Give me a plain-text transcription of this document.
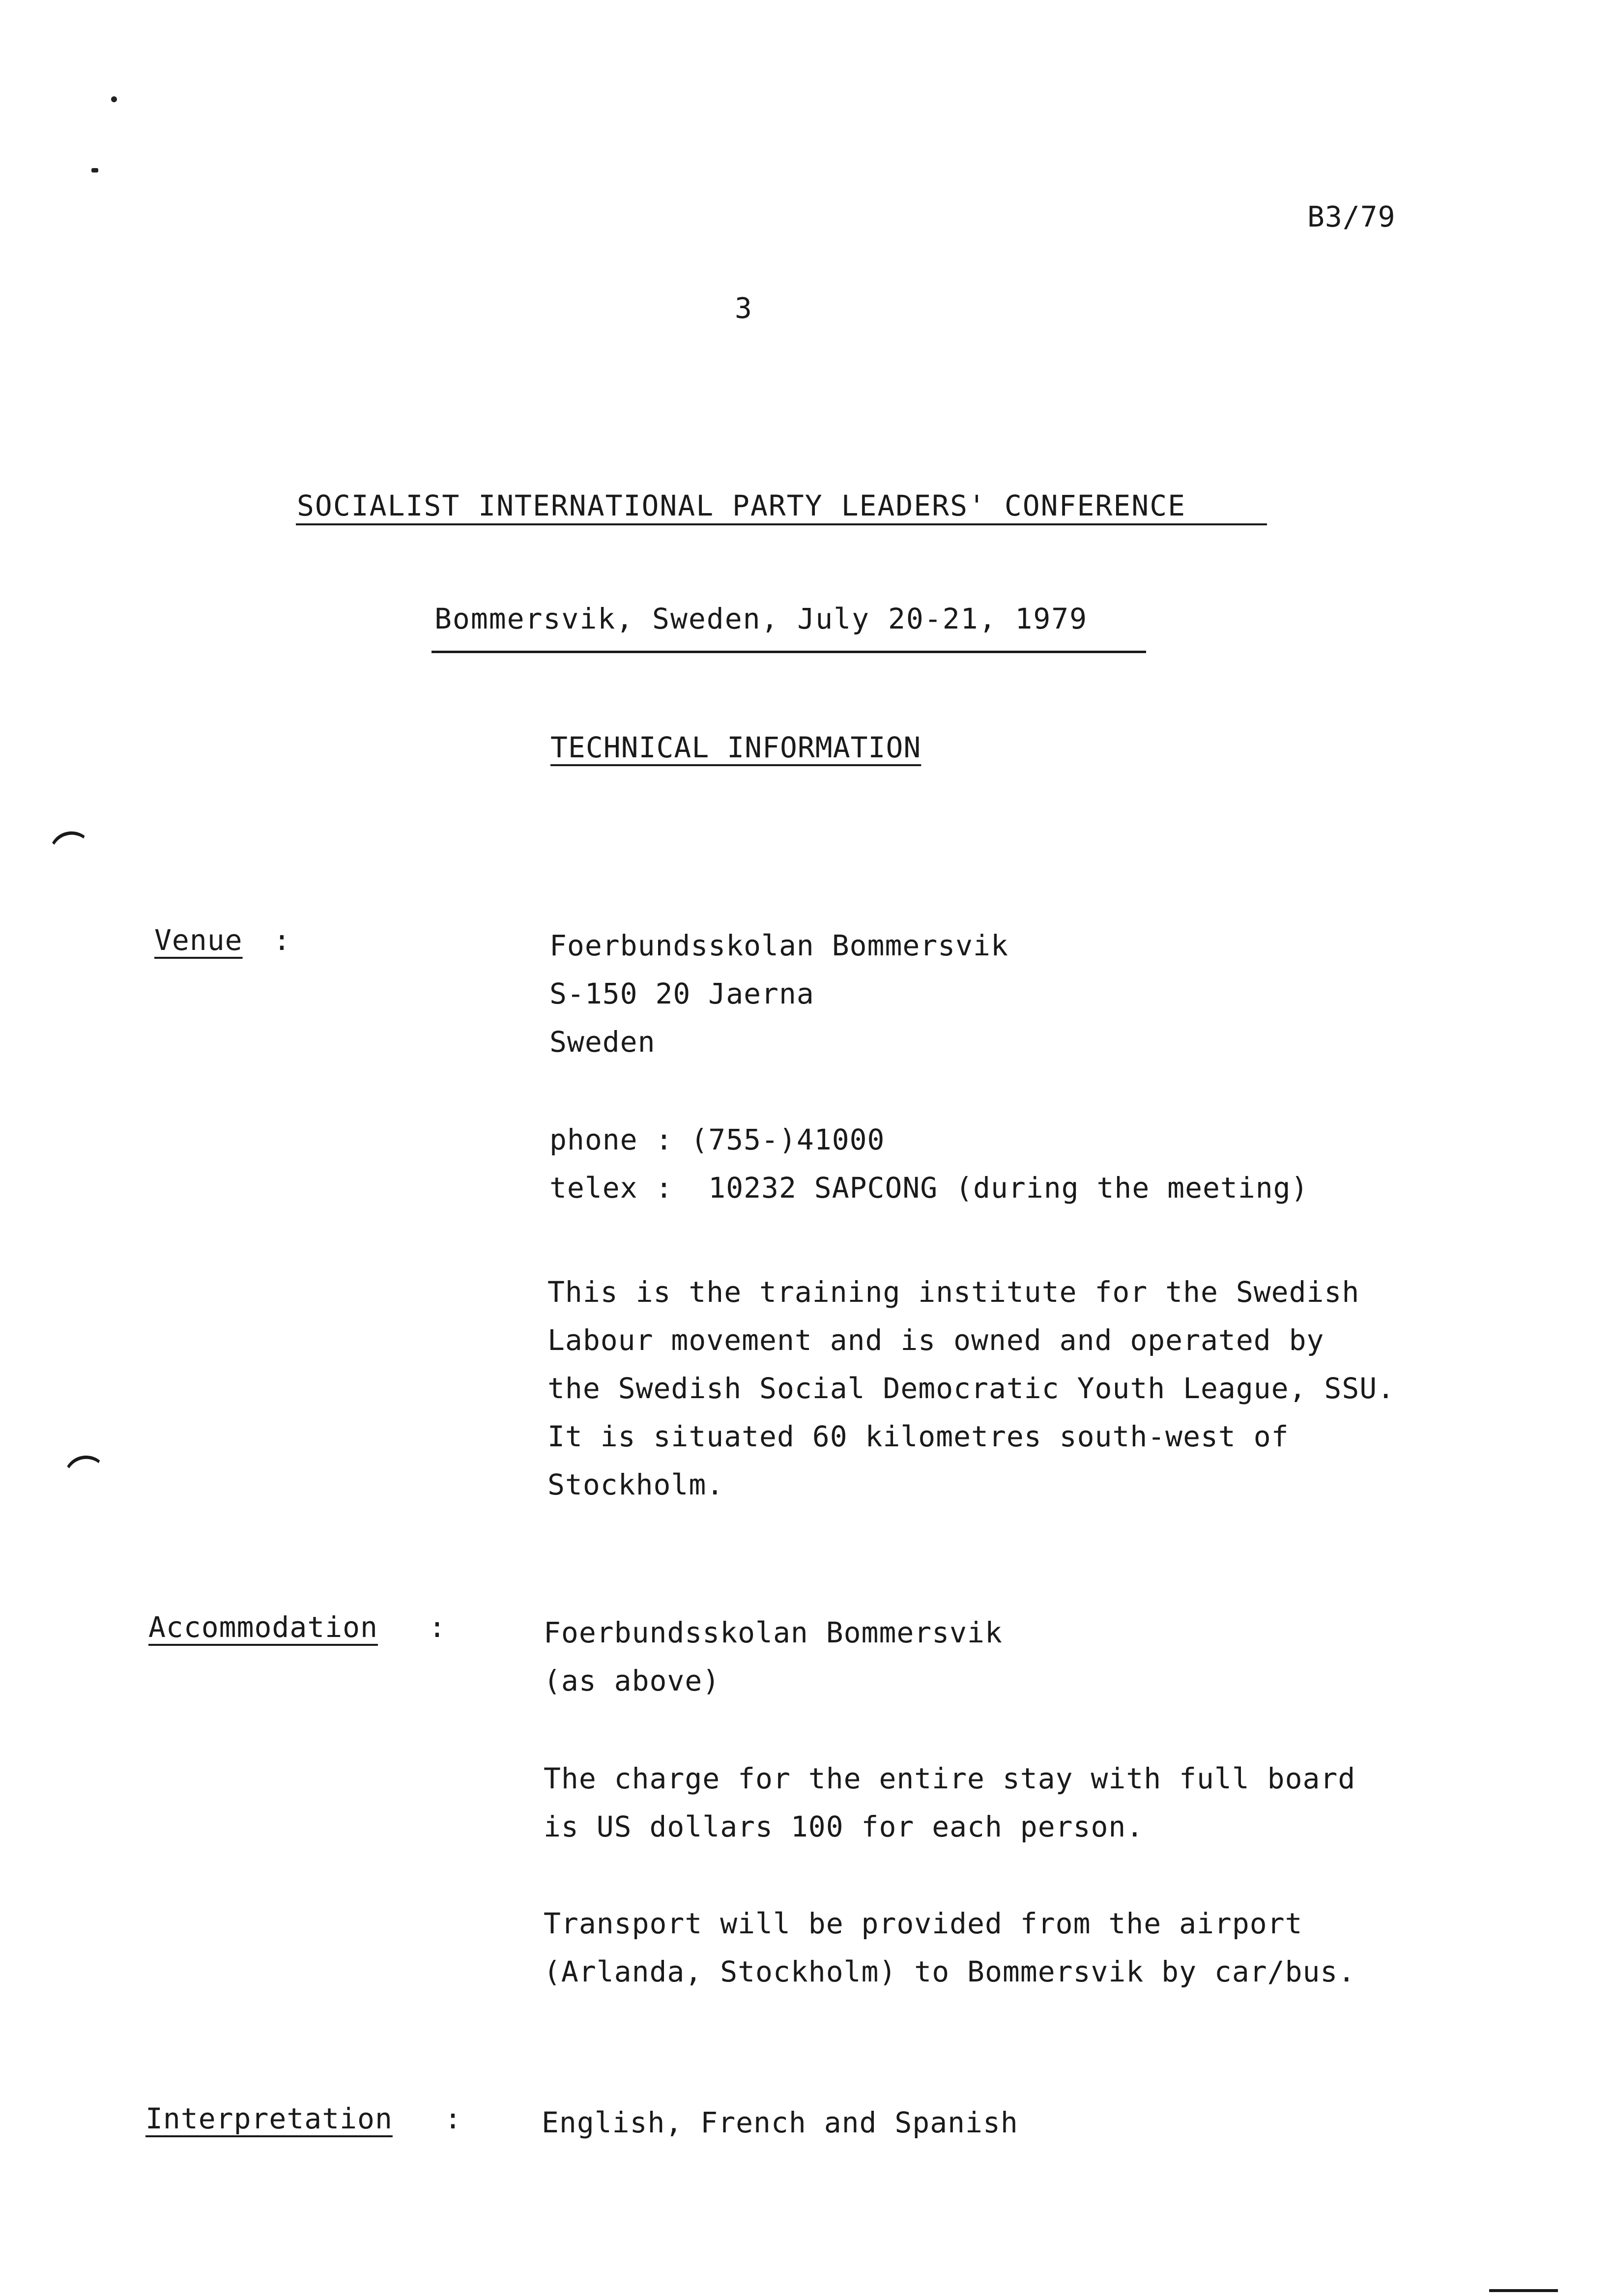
B3/79
3
SOCIALIST INTERNATIONAL PARTY LEADERS' CONFERENCE
Bommersvik, Sweden, July 20-21, 1979
TECHNICAL INFORMATION
Venue :	Foerbundsskolan Bommersvik
S-150 20 Jaerna
Sweden
phone : (755-)41000
telex :  10232 SAPCONG (during the meeting)
This is the training institute for the Swedish
Labour movement and is owned and operated by
the Swedish Social Democratic Youth League, SSU.
It is situated 60 kilometres south-west of
Stockholm.
Accommodation :	Foerbundsskolan Bommersvik
(as above)
The charge for the entire stay with full board
is US dollars 100 for each person.
Transport will be provided from the airport
(Arlanda, Stockholm) to Bommersvik by car/bus.
Interpretation :	English, French and Spanish
